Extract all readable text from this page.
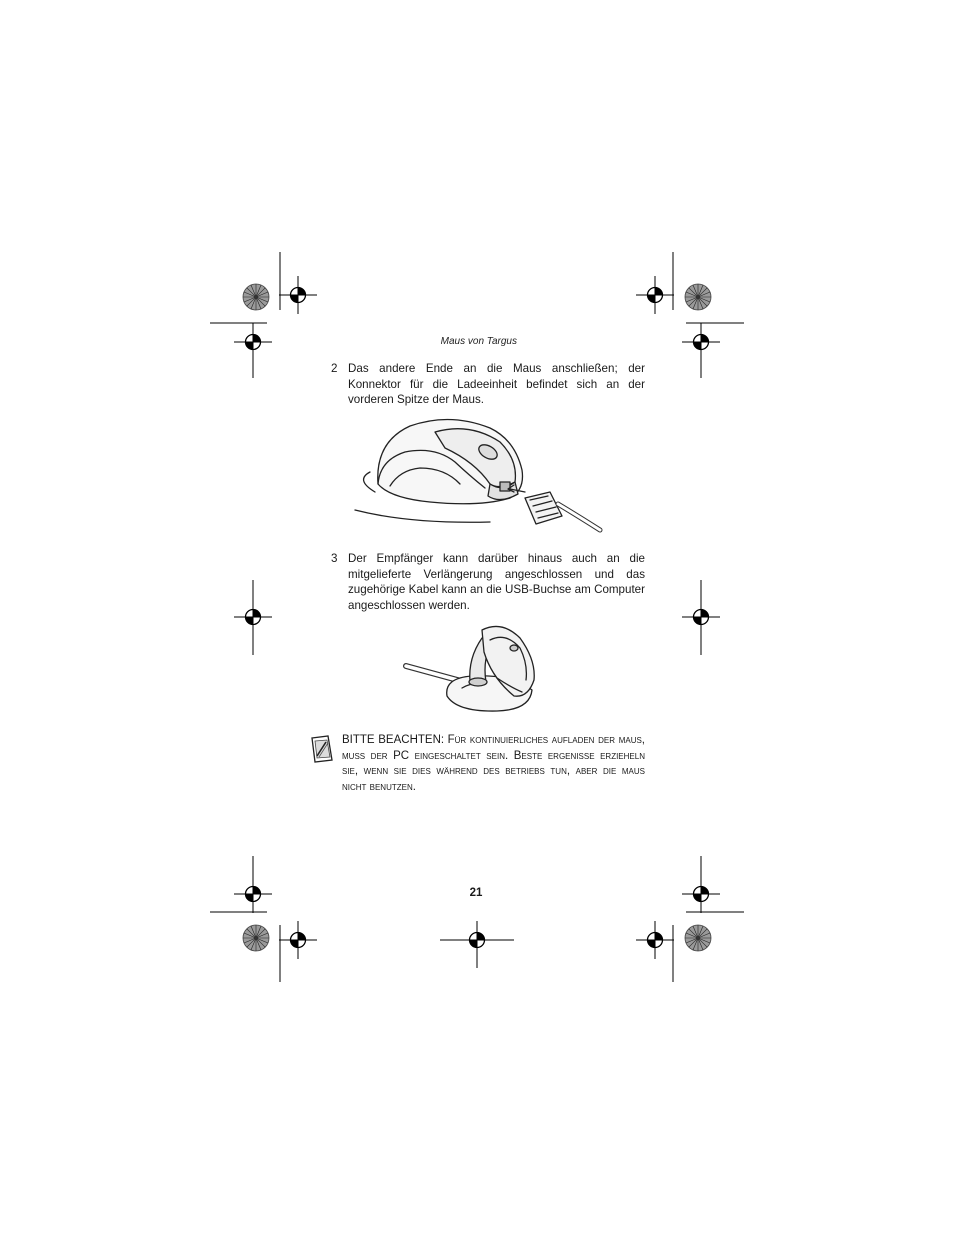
Maus von Targus
2 Das andere Ende an die Maus anschließen; der Konnektor für die Ladeeinheit befindet sich an der vorderen Spitze der Maus.
3 Der Empfänger kann darüber hinaus auch an die mitgelieferte Verlängerung angeschlossen und das zugehörige Kabel kann an die USB-Buchse am Computer angeschlossen werden.
BITTE BEACHTEN: Für kontinuierliches aufladen der maus, muss der PC eingeschaltet sein. Beste ergenisse erzieheln sie, wenn sie dies während des betriebs tun, aber die maus nicht benutzen.
21
